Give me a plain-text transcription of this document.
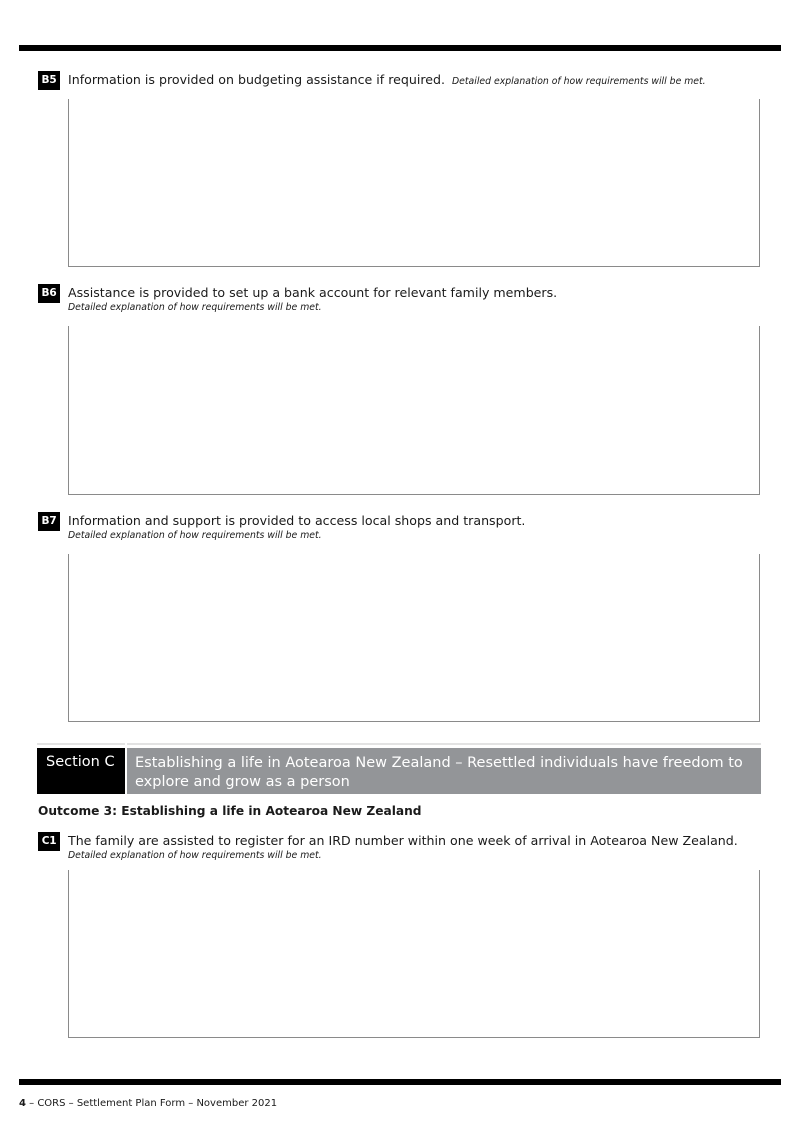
B5 Information is provided on budgeting assistance if required. Detailed explanation of how requirements will be met.
B6 Assistance is provided to set up a bank account for relevant family members.
Detailed explanation of how requirements will be met.
B7 Information and support is provided to access local shops and transport.
Detailed explanation of how requirements will be met.
Section C	Establishing a life in Aotearoa New Zealand – Resettled individuals have freedom to explore and grow as a person
Outcome 3: Establishing a life in Aotearoa New Zealand
C1 The family are assisted to register for an IRD number within one week of arrival in Aotearoa New Zealand.
Detailed explanation of how requirements will be met.
4 – CORS – Settlement Plan Form – November 2021
